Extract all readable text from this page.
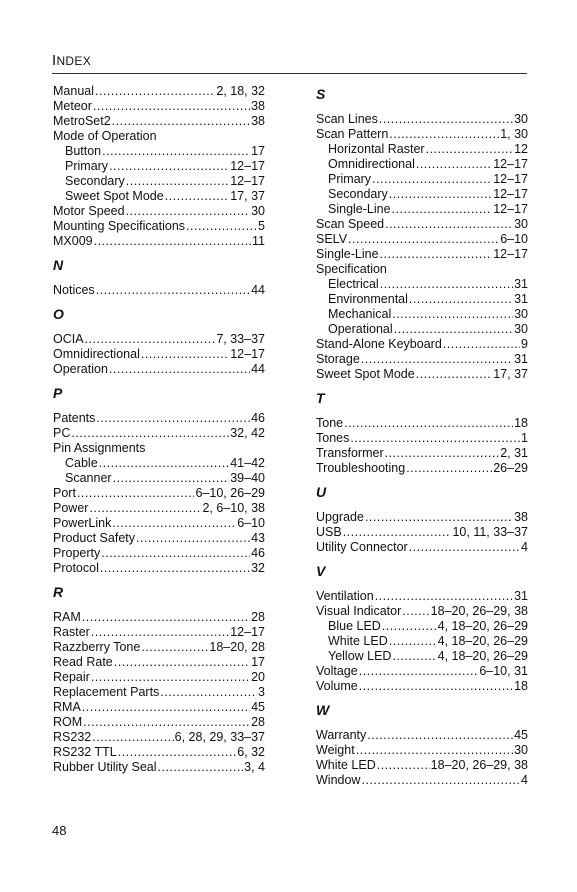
INDEX
Manual .....	2, 18, 32
Meteor .....	38
MetroSet2 .....	38
Mode of Operation
Button .....	17
Primary .....	12–17
Secondary .....	12–17
Sweet Spot Mode .....	17, 37
Motor Speed .....	30
Mounting Specifications .....	5
MX009 .....	11
N
Notices .....	44
O
OCIA .....	7, 33–37
Omnidirectional .....	12–17
Operation .....	44
P
Patents .....	46
PC .....	32, 42
Pin Assignments
Cable .....	41–42
Scanner .....	39–40
Port .....	6–10, 26–29
Power .....	2, 6–10, 38
PowerLink .....	6–10
Product Safety .....	43
Property .....	46
Protocol .....	32
R
RAM .....	28
Raster .....	12–17
Razzberry Tone .....	18–20, 28
Read Rate .....	17
Repair .....	20
Replacement Parts .....	3
RMA .....	45
ROM .....	28
RS232 .....	6, 28, 29, 33–37
RS232 TTL .....	6, 32
Rubber Utility Seal .....	3, 4
S
Scan Lines .....	30
Scan Pattern .....	1, 30
Horizontal Raster .....	12
Omnidirectional .....	12–17
Primary .....	12–17
Secondary .....	12–17
Single-Line .....	12–17
Scan Speed .....	30
SELV .....	6–10
Single-Line .....	12–17
Specification
Electrical .....	31
Environmental .....	31
Mechanical .....	30
Operational .....	30
Stand-Alone Keyboard .....	9
Storage .....	31
Sweet Spot Mode .....	17, 37
T
Tone .....	18
Tones .....	1
Transformer .....	2, 31
Troubleshooting .....	26–29
U
Upgrade .....	38
USB .....	10, 11, 33–37
Utility Connector .....	4
V
Ventilation .....	31
Visual Indicator ..... 18–20, 26–29, 38
Blue LED .....	4, 18–20, 26–29
White LED .....	4, 18–20, 26–29
Yellow LED .....	4, 18–20, 26–29
Voltage .....	6–10, 31
Volume .....	18
W
Warranty .....	45
Weight .....	30
White LED .....	18–20, 26–29, 38
Window .....	4
48
